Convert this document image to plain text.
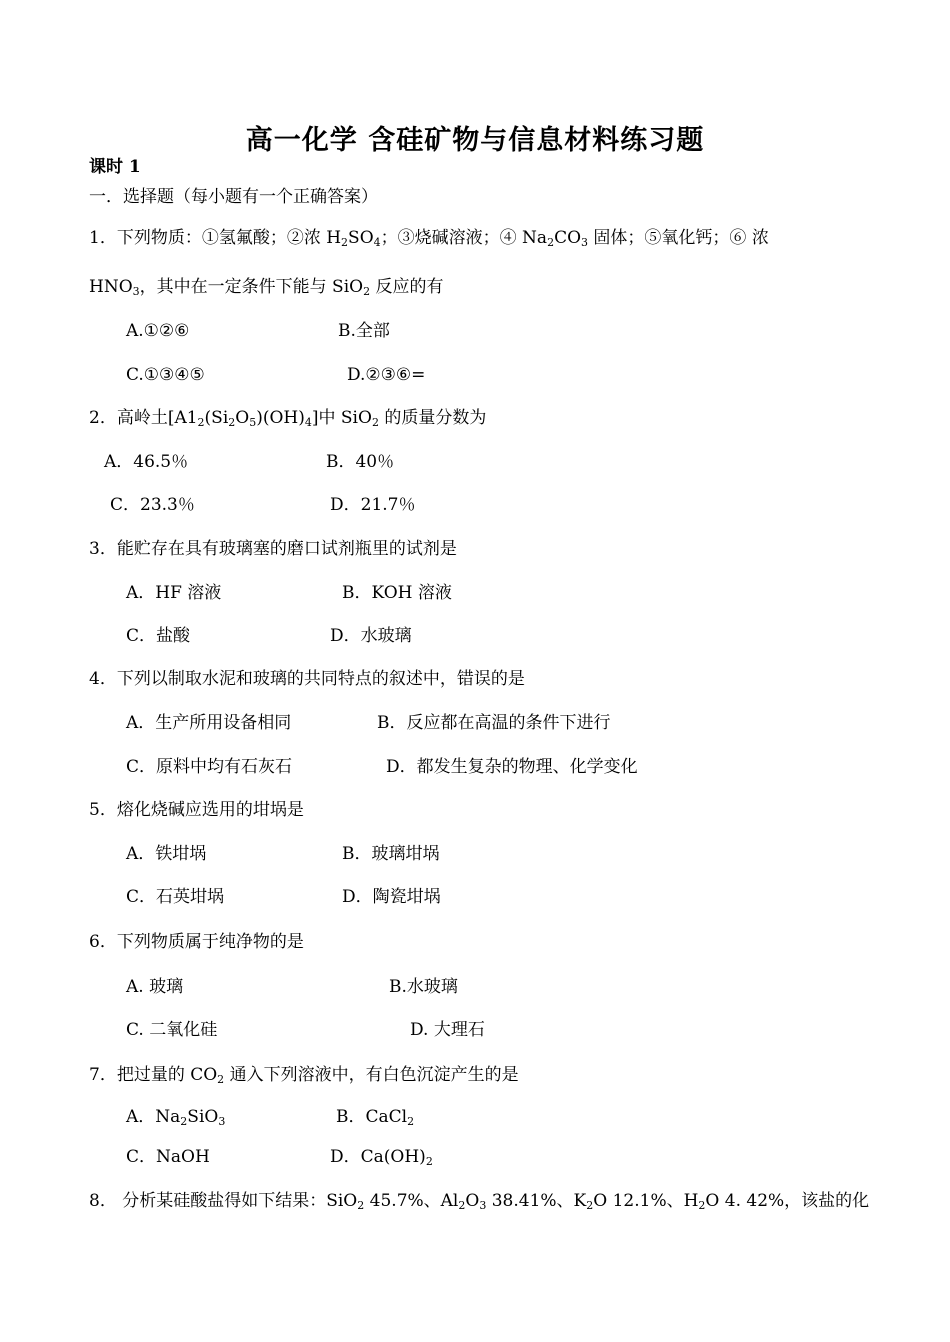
高一化学 含硅矿物与信息材料练习题
课时 1
一．选择题（每小题有一个正确答案）
1．下列物质：①氢氟酸；②浓 $H_2SO_4$；③烧碱溶液；④ $Na_2CO_3$ 固体；⑤氧化钙；⑥ 浓
$HNO_3$，其中在一定条件下能与 SiO$_2$ 反应的有
A.①②⑥	B.全部
C.①③④⑤	D.②③⑥=
2．高岭土$[A1_2(Si_2O_5)(OH)_4]$中 SiO$_2$ 的质量分数为
A．46.5％	B．40％
C．23.3％	D．21.7％
3．能贮存在具有玻璃塞的磨口试剂瓶里的试剂是
A．HF 溶液	B．KOH 溶液
C．盐酸	D．水玻璃
4．下列以制取水泥和玻璃的共同特点的叙述中，错误的是
A．生产所用设备相同	B．反应都在高温的条件下进行
C．原料中均有石灰石	D．都发生复杂的物理、化学变化
5．熔化烧碱应选用的坩埚是
A．铁坩埚	B．玻璃坩埚
C．石英坩埚	D．陶瓷坩埚
6．下列物质属于纯净物的是
A. 玻璃	B.水玻璃
C. 二氧化硅	D. 大理石
7．把过量的 $CO_2$ 通入下列溶液中，有白色沉淀产生的是
A．$Na_2SiO_3$	B．CaCl$_2$
C．NaOH	D．$Ca(OH)_2$
8． 分析某硅酸盐得如下结果：SiO$_2$ 45.7%、$Al_2O_3$ 38.41%、$K_2O$ 12.1%、$H_2O$ 4. 42%，该盐的化
